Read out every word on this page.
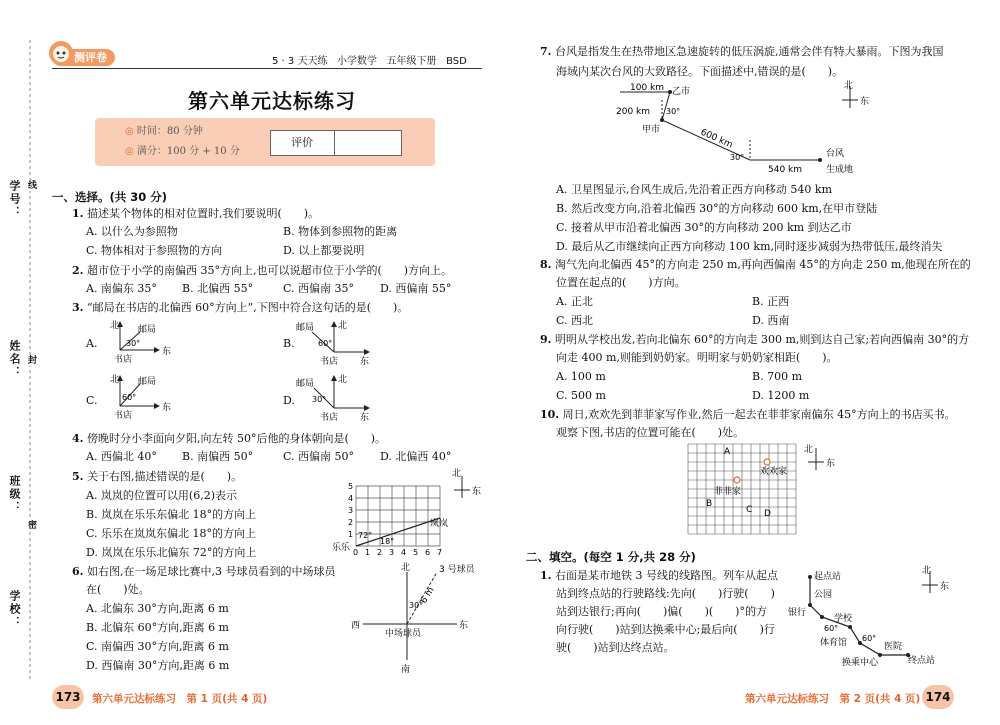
学号：
姓名：
班级：
学校：
线
封
密
测评卷	5 · 3 天天练 小学数学 五年级下册 BSD
第六单元达标练习
◎ 时间：80 分钟
◎ 满分：100 分 + 10 分
评价
一、选择。(共 30 分)
1. 描述某个物体的相对位置时,我们要说明(　　)。
A. 以什么为参照物	B. 物体到参照物的距离
C. 物体相对于参照物的方向	D. 以上都要说明
2. 超市位于小学的南偏西 35°方向上,也可以说超市位于小学的(　　)方向上。
A. 南偏东 35° B. 北偏西 55°	C. 西偏南 35° D. 西偏南 55°
3. “邮局在书店的北偏西 60°方向上”,下图中符合这句话的是(　　)。
A.
北
东
邮局
30°
书店
B.
北
东
邮局
60°
书店
C.
北
东
邮局
60°
书店
D.
北
东
邮局
30°
书店
4. 傍晚时分小李面向夕阳,向左转 50°后他的身体朝向是(　　)。
A. 西偏北 40° B. 南偏西 50°	C. 西偏南 50° D. 北偏西 40°
5. 关于右图,描述错误的是(　　)。
A. 岚岚的位置可以用(6,2)表示
B. 岚岚在乐乐东偏北 18°的方向上
C. 乐乐在岚岚东偏北 18°的方向上
D. 岚岚在乐乐北偏东 72°的方向上	0 1 2 3 4 5 6 7
5
4
3
2
1
岚岚
乐乐
72°
18°
北
东
6. 如右图,在一场足球比赛中,3 号球员看到的中场球员
在(　　)处。
A. 北偏东 30°方向,距离 6 m
B. 北偏东 60°方向,距离 6 m
C. 南偏西 30°方向,距离 6 m
D. 西偏南 30°方向,距离 6 m
北
南
西	东
3 号球员
中场球员
6 m
30°
173	第六单元达标练习　第 1 页(共 4 页)
7. 台风是指发生在热带地区急速旋转的低压涡旋,通常会伴有特大暴雨。下图为我国
海域内某次台风的大致路径。下面描述中,错误的是(　　)。
100 km 乙市
200 km 30°
甲市	600 km
30°
540 km
台风
生成地
北
东
A. 卫星图显示,台风生成后,先沿着正西方向移动 540 km
B. 然后改变方向,沿着北偏西 30°的方向移动 600 km,在甲市登陆
C. 接着从甲市沿着北偏西 30°的方向移动 200 km 到达乙市
D. 最后从乙市继续向正西方向移动 100 km,同时逐步减弱为热带低压,最终消失
8. 淘气先向北偏西 45°的方向走 250 m,再向西偏南 45°的方向走 250 m,他现在所在的
位置在起点的(　　)方向。
A. 正北	B. 正西
C. 西北	D. 西南
9. 明明从学校出发,若向北偏东 60°的方向走 300 m,则到达自己家;若向西偏南 30°的方
向走 400 m,则能到奶奶家。明明家与奶奶家相距(　　)。
A. 100 m	B. 700 m
C. 500 m	D. 1200 m
10. 周日,欢欢先到菲菲家写作业,然后一起去在菲菲家南偏东 45°方向上的书店买书。
观察下图,书店的位置可能在(　　)处。
欢欢家
菲菲家
A
B
C D
北
东
二、填空。(每空 1 分,共 28 分)
1. 右面是某市地铁 3 号线的线路图。列车从起点
站到终点站的行驶路线:先向(　　)行驶(　　)
站到达银行;再向(　　)偏(　　)(　　)°的方
向行驶(　　)站到达换乘中心;最后向(　　)行
驶(　　)站到达终点站。
起点站
公园
银行
学校
体育馆	医院
换乘中心	终点站
60°
60°
北
东
第六单元达标练习　第 2 页(共 4 页) 174
